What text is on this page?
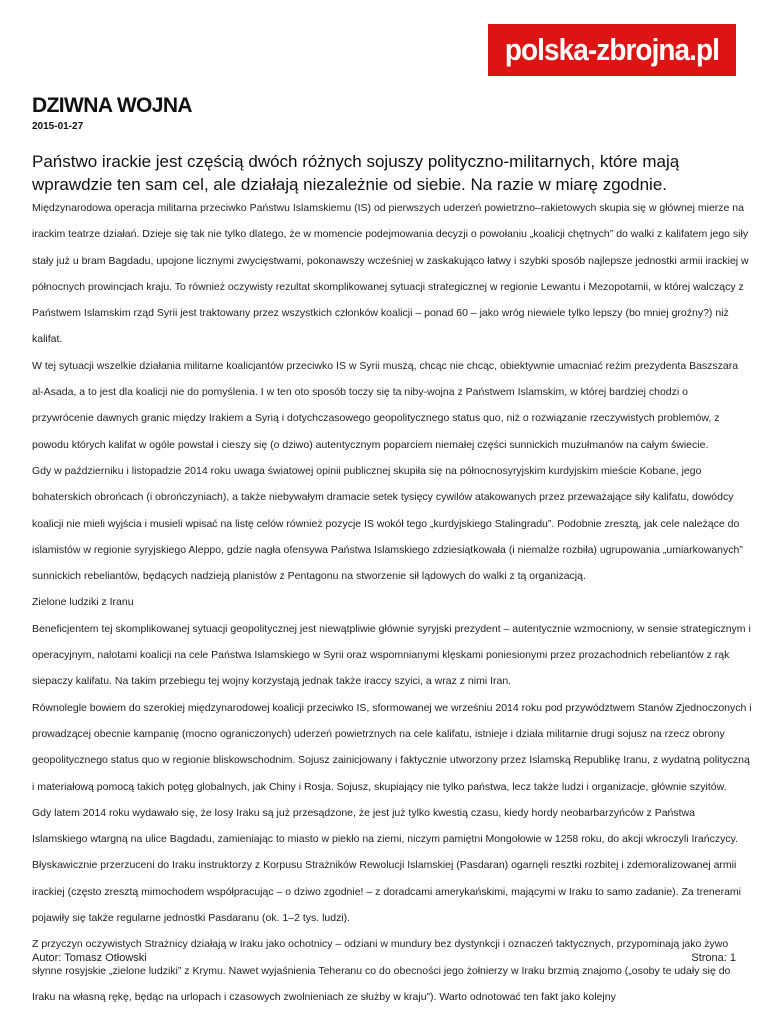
polska-zbrojna.pl
DZIWNA WOJNA
2015-01-27

Państwo irackie jest częścią dwóch różnych sojuszy polityczno-militarnych, które mają wprawdzie ten sam cel, ale działają niezależnie od siebie. Na razie w miarę zgodnie.

Międzynarodowa operacja militarna przeciwko Państwu Islamskiemu (IS) od pierwszych uderzeń powietrzno–rakietowych skupia się w głównej mierze na irackim teatrze działań. Dzieje się tak nie tylko dlatego, że w momencie podejmowania decyzji o powołaniu „koalicji chętnych” do walki z kalifatem jego siły stały już u bram Bagdadu, upojone licznymi zwycięstwami, pokonawszy wcześniej w zaskakująco łatwy i szybki sposób najlepsze jednostki armii irackiej w północnych prowincjach kraju. To również oczywisty rezultat skomplikowanej sytuacji strategicznej w regionie Lewantu i Mezopotamii, w której walczący z Państwem Islamskim rząd Syrii jest traktowany przez wszystkich członków koalicji – ponad 60 – jako wróg niewiele tylko lepszy (bo mniej groźny?) niż kalifat.

W tej sytuacji wszelkie działania militarne koalicjantów przeciwko IS w Syrii muszą, chcąc nie chcąc, obiektywnie umacniać reżim prezydenta Baszszara al-Asada, a to jest dla koalicji nie do pomyślenia. I w ten oto sposób toczy się ta niby-wojna z Państwem Islamskim, w której bardziej chodzi o przywrócenie dawnych granic między Irakiem a Syrią i dotychczasowego geopolitycznego status quo, niż o rozwiązanie rzeczywistych problemów, z powodu których kalifat w ogóle powstał i cieszy się (o dziwo) autentycznym poparciem niemałej części sunnickich muzułmanów na całym świecie.

Gdy w październiku i listopadzie 2014 roku uwaga światowej opinii publicznej skupiła się na północnosyryjskim kurdyjskim mieście Kobane, jego bohaterskich obrońcach (i obrończyniach), a także niebywałym dramacie setek tysięcy cywilów atakowanych przez przeważające siły kalifatu, dowódcy koalicji nie mieli wyjścia i musieli wpisać na listę celów również pozycje IS wokół tego „kurdyjskiego Stalingradu”. Podobnie zresztą, jak cele należące do islamistów w regionie syryjskiego Aleppo, gdzie nagła ofensywa Państwa Islamskiego zdziesiątkowała (i niemalże rozbiła) ugrupowania „umiarkowanych” sunnickich rebeliantów, będących nadzieją planistów z Pentagonu na stworzenie sił lądowych do walki z tą organizacją.

Zielone ludziki z Iranu

Beneficjentem tej skomplikowanej sytuacji geopolitycznej jest niewątpliwie głównie syryjski prezydent – autentycznie wzmocniony, w sensie strategicznym i operacyjnym, nalotami koalicji na cele Państwa Islamskiego w Syrii oraz wspomnianymi klęskami poniesionymi przez prozachodnich rebeliantów z rąk siepaczy kalifatu. Na takim przebiegu tej wojny korzystają jednak także iraccy szyici, a wraz z nimi Iran.

Równolegle bowiem do szerokiej międzynarodowej koalicji przeciwko IS, sformowanej we wrześniu 2014 roku pod przywództwem Stanów Zjednoczonych i prowadzącej obecnie kampanię (mocno ograniczonych) uderzeń powietrznych na cele kalifatu, istnieje i działa militarnie drugi sojusz na rzecz obrony geopolitycznego status quo w regionie bliskowschodnim. Sojusz zainicjowany i faktycznie utworzony przez Islamską Republikę Iranu, z wydatną polityczną i materiałową pomocą takich potęg globalnych, jak Chiny i Rosja. Sojusz, skupiający nie tylko państwa, lecz także ludzi i organizacje, głównie szyitów.

Gdy latem 2014 roku wydawało się, że losy Iraku są już przesądzone, że jest już tylko kwestią czasu, kiedy hordy neobarbarzyńców z Państwa Islamskiego wtargną na ulice Bagdadu, zamieniając to miasto w piekło na ziemi, niczym pamiętni Mongołowie w 1258 roku, do akcji wkroczyli Irańczycy. Błyskawicznie przerzuceni do Iraku instruktorzy z Korpusu Strażników Rewolucji Islamskiej (Pasdaran) ogarnęli resztki rozbitej i zdemoralizowanej armii irackiej (często zresztą mimochodem współpracując – o dziwo zgodnie! – z doradcami amerykańskimi, mającymi w Iraku to samo zadanie). Za trenerami pojawiły się także regularne jednostki Pasdaranu (ok. 1–2 tys. ludzi).

Z przyczyn oczywistych Strażnicy działają w Iraku jako ochotnicy – odziani w mundury bez dystynkcji i oznaczeń taktycznych, przypominają jako żywo słynne rosyjskie „zielone ludziki” z Krymu. Nawet wyjaśnienia Teheranu co do obecności jego żołnierzy w Iraku brzmią znajomo („osoby te udały się do Iraku na własną rękę, będąc na urlopach i czasowych zwolnieniach ze służby w kraju”). Warto odnotować ten fakt jako kolejny

Autor: Tomasz Otłowski	Strona: 1
